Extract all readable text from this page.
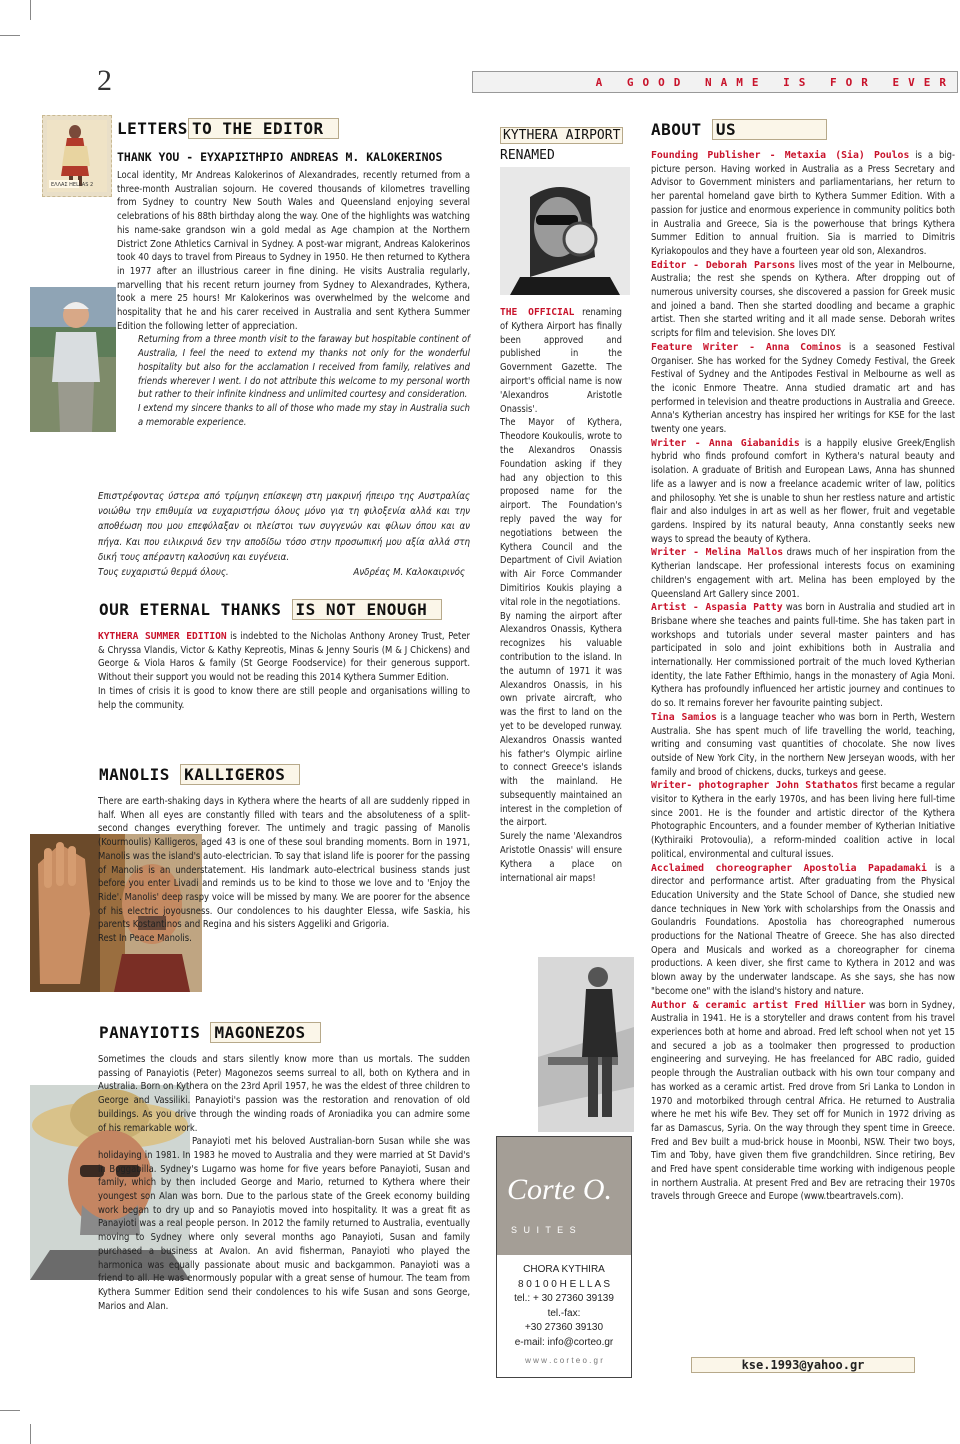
2	A GOOD NAME IS FOR EVER
ΕΛΛΑΣ HELLAS 2
LETTERS TO THE EDITOR
THANK YOU - ΕΥΧΑΡΙΣΤΗΡΙΟ ANDREAS M. KALOKERINOS

Local identity, Mr Andreas Kalokerinos of Alexandrades, recently returned from a three-month Australian sojourn. He covered thousands of kilometres travelling from Sydney to country New South Wales and Queensland enjoying several celebrations of his 88th birthday along the way. One of the highlights was watching his name-sake grandson win a gold medal as Age champion at the Northern District Zone Athletics Carnival in Sydney. A post-war migrant, Andreas Kalokerinos took 40 days to travel from Pireaus to Sydney in 1950. He then returned to Kythera in 1977 after an illustrious career in fine dining. He visits Australia regularly, marvelling that his recent return journey from Sydney to Alexandrades, Kythera, took a mere 25 hours! Mr Kalokerinos was overwhelmed by the welcome and hospitality that he and his carer received in Australia and sent Kythera Summer Edition the following letter of appreciation.

Returning from a three month visit to the faraway but hospitable continent of Australia, I feel the need to extend my thanks not only for the wonderful hospitality but also for the acclamation I received from family, relatives and friends wherever I went. I do not attribute this welcome to my personal worth but rather to their infinite kindness and unlimited courtesy and consideration.

I extend my sincere thanks to all of those who made my stay in Australia such a memorable experience.

Επιστρέφοντας ύστερα από τρίμηνη επίσκεψη στη μακρινή ήπειρο της Αυστραλίας νοιώθω την επιθυμία να ευχαριστήσω όλους μόνο για τη φιλοξενία αλλά και την αποθέωση που μου επεφύλαξαν οι πλείστοι των συγγενών και φίλων όπου και αν πήγα. Και που ειλικρινά δεν την αποδίδω τόσο στην προσωπική μου αξία αλλά στη δική τους απέραντη καλοσύνη και ευγένεια.

Τους ευχαριστώ θερμά όλους.	Ανδρέας Μ. Καλοκαιρινός

OUR ETERNAL THANKS IS NOT ENOUGH

KYTHERA SUMMER EDITION is indebted to the Nicholas Anthony Aroney Trust, Peter & Chryssa Vlandis, Victor & Kathy Kepreotis, Minas & Jenny Souris (M & J Chickens) and George & Viola Haros & family (St George Foodservice) for their generous support. Without their support you would not be reading this 2014 Kythera Summer Edition.

In times of crisis it is good to know there are still people and organisations willing to help the community.

MANOLIS KALLIGEROS

There are earth-shaking days in Kythera where the hearts of all are suddenly ripped in half. When all eyes are constantly filled with tears and the absoluteness of a split-second changes everything forever. The untimely and tragic passing of Manolis (Kourmoulis) Kalligeros, aged 43 is one of these soul branding moments. Born in 1971, Manolis was the island's auto-electrician. To say that island life is poorer for the passing of Manolis is an understatement. His landmark auto-electrical business stands just before you enter Livadi and reminds us to be kind to those we love and to 'Enjoy the Ride'. Manolis' deep raspy voice will be missed by many. We are poorer for the absence of his electric joyousness. Our condolences to his daughter Elessa, wife Saskia, his parents Kostantinos and Regina and his sisters Aggeliki and Grigoria.

Rest In Peace Manolis.

PANAYIOTIS MAGONEZOS

Sometimes the clouds and stars silently know more than us mortals. The sudden passing of Panayiotis (Peter) Magonezos seems surreal to all, both on Kythera and in Australia. Born on Kythera on the 23rd April 1957, he was the eldest of three children to George and Vassiliki. Panayioti's passion was the restoration and renovation of old buildings. As you drive through the winding roads of Aroniadika you can admire some of his remarkable work.

Panayioti met his beloved Australian-born Susan while she was holidaying in 1981. In 1983 he moved to Australia and they were married at St David's in Boggabilla. Sydney's Lugarno was home for five years before Panayioti, Susan and family, which by then included George and Mario, returned to Kythera where their youngest son Alan was born. Due to the parlous state of the Greek economy building work began to dry up and so Panayiotis moved into hospitality. It was a great fit as Panayioti was a real people person. In 2012 the family returned to Australia, eventually moving to Sydney where only several months ago Panayioti, Susan and family purchased a business at Avalon. An avid fisherman, Panayioti who played the harmonica was equally passionate about music and backgammon. Panayioti was a friend to all. He was enormously popular with a great sense of humour. The team from Kythera Summer Edition send their condolences to his wife Susan and sons George, Marios and Alan.

KYTHERA AIRPORT
RENAMED

THE OFFICIAL renaming of Kythera Airport has finally been approved and published in the Government Gazette. The airport's official name is now 'Alexandros Aristotle Onassis'.

The Mayor of Kythera, Theodore Koukoulis, wrote to the Alexandros Onassis Foundation asking if they had any objection to this proposed name for the airport. The Foundation's reply paved the way for negotiations between the Kythera Council and the Department of Civil Aviation with Air Force Commander Dimitirios Koukis playing a vital role in the negotiations.

By naming the airport after Alexandros Onassis, Kythera recognizes his valuable contribution to the island. In the autumn of 1971 it was Alexandros Onassis, in his own private aircraft, who was the first to land on the yet to be developed runway. Alexandros Onassis wanted his father's Olympic airline to connect Greece's islands with the mainland. He subsequently maintained an interest in the completion of the airport.

Surely the name 'Alexandros Aristotle Onassis' will ensure Kythera a place on international air maps!

Corte O.
S U I T E S
CHORA KYTHIRA
8 0 1 0 0 H E L L A S
tel.: + 30 27360 39139
tel.-fax:
+30 27360 39130
e-mail: info@corteo.gr
w w w . c o r t e o . g r
ABOUT US

Founding Publisher - Metaxia (Sia) Poulos is a big-picture person. Having worked in Australia as a Press Secretary and Advisor to Government ministers and parliamentarians, her return to her parental homeland gave birth to Kythera Summer Edition. With a passion for justice and enormous experience in community politics both in Australia and Greece, Sia is the powerhouse that brings Kythera Summer Edition to annual fruition. Sia is married to Dimitris Kyriakopoulos and they have a fourteen year old son, Alexandros.

Editor - Deborah Parsons lives most of the year in Melbourne, Australia; the rest she spends on Kythera. After dropping out of numerous university courses, she discovered a passion for Greek music and joined a band. Then she started doodling and became a graphic artist. Then she started writing and it all made sense. Deborah writes scripts for film and television. She loves DIY.

Feature Writer - Anna Cominos is a seasoned Festival Organiser. She has worked for the Sydney Comedy Festival, the Greek Festival of Sydney and the Antipodes Festival in Melbourne as well as the iconic Enmore Theatre. Anna studied dramatic art and has performed in television and theatre productions in Australia and Greece. Anna's Kytherian ancestry has inspired her writings for KSE for the last twenty one years.

Writer - Anna Giabanidis is a happily elusive Greek/English hybrid who finds profound comfort in Kythera's natural beauty and isolation. A graduate of British and European Laws, Anna has shunned life as a lawyer and is now a freelance academic writer of law, politics and philosophy. Yet she is unable to shun her restless nature and artistic flair and also indulges in art as well as her flower, fruit and vegetable gardens. Inspired by its natural beauty, Anna constantly seeks new ways to spread the beauty of Kythera.

Writer - Melina Mallos draws much of her inspiration from the Kytherian landscape. Her professional interests focus on examining children's engagement with art. Melina has been employed by the Queensland Art Gallery since 2001.

Artist - Aspasia Patty was born in Australia and studied art in Brisbane where she teaches and paints full-time. She has taken part in workshops and tutorials under several master painters and has participated in solo and joint exhibitions both in Australia and internationally. Her commissioned portrait of the much loved Kytherian identity, the late Father Efthimio, hangs in the monastery of Agia Moni. Kythera has profoundly influenced her artistic journey and continues to do so. It remains forever her favourite painting subject.

Tina Samios is a language teacher who was born in Perth, Western Australia. She has spent much of life travelling the world, teaching, writing and consuming vast quantities of chocolate. She now lives outside of New York City, in the northern New Jerseyan woods, with her family and brood of chickens, ducks, turkeys and geese.

Writer- photographer John Stathatos first became a regular visitor to Kythera in the early 1970s, and has been living here full-time since 2001. He is the founder and artistic director of the Kythera Photographic Encounters, and a founder member of Kytherian Initiative (Kythiraiki Protovoulia), a reform-minded coalition active in local political, environmental and cultural issues.

Acclaimed choreographer Apostolia Papadamaki is a director and performance artist. After graduating from the Physical Education University and the State School of Dance, she studied new dance techniques in New York with scholarships from the Onassis and Goulandris Foundations. Apostolia has choreographed numerous productions for the National Theatre of Greece. She has also directed Opera and Musicals and worked as a choreographer for cinema productions. A keen diver, she first came to Kythera in 2012 and was blown away by the underwater landscape. As she says, she has now "become one" with the island's history and nature.

Author & ceramic artist Fred Hillier was born in Sydney, Australia in 1941. He is a storyteller and draws content from his travel experiences both at home and abroad. Fred left school when not yet 15 and secured a job as a toolmaker then progressed to production engineering and surveying. He has freelanced for ABC radio, guided people through the Australian outback with his own tour company and has worked as a ceramic artist. Fred drove from Sri Lanka to London in 1970 and motorbiked through central Africa. He returned to Australia where he met his wife Bev. They set off for Munich in 1972 driving as far as Damascus, Syria. On the way through they spent time in Greece. Fred and Bev built a mud-brick house in Moonbi, NSW. Their two boys, Tim and Toby, have given them five grandchildren. Since retiring, Bev and Fred have spent considerable time working with indigenous people in northern Australia. At present Fred and Bev are retracing their 1970s travels through Greece and Europe (www.tbeartravels.com).

kse.1993@yahoo.gr
